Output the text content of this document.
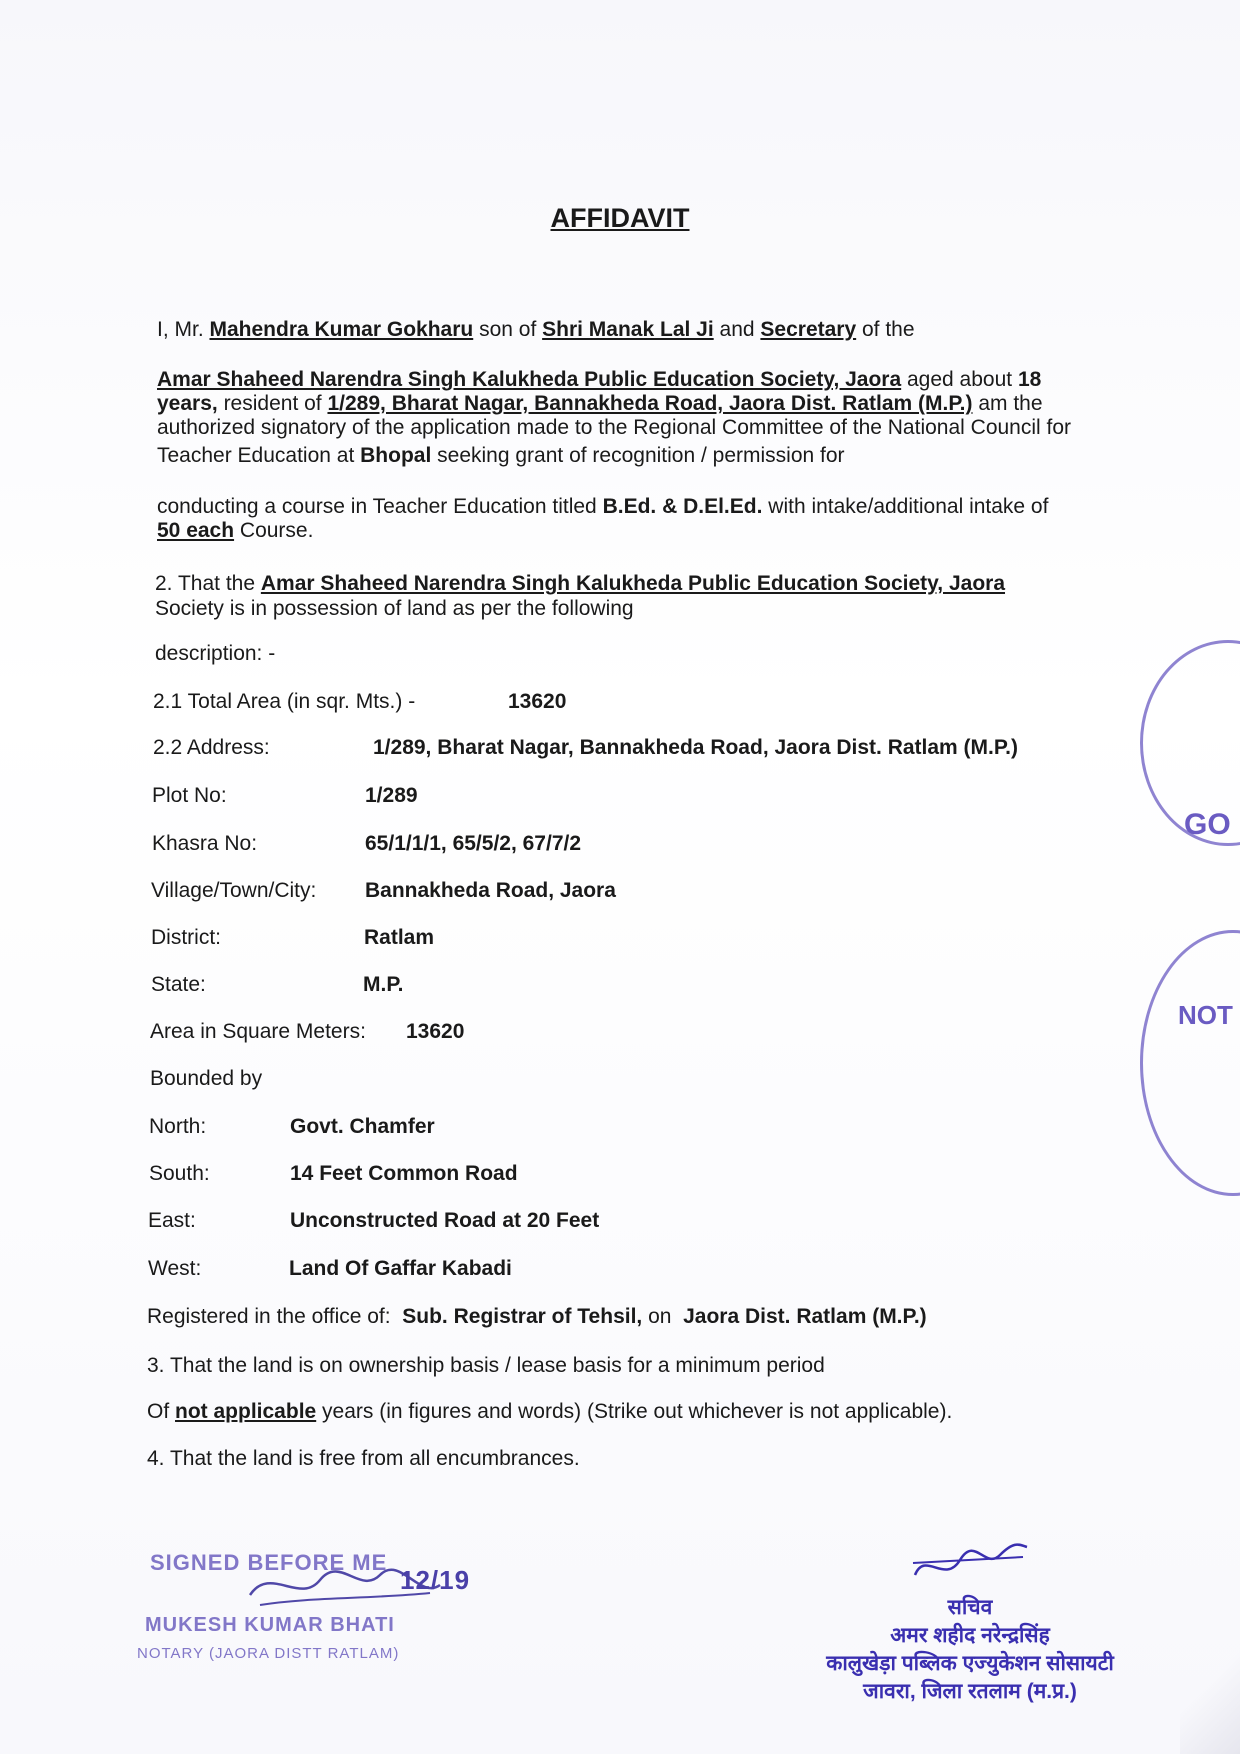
AFFIDAVIT
I, Mr. Mahendra Kumar Gokharu son of Shri Manak Lal Ji and Secretary of the
Amar Shaheed Narendra Singh Kalukheda Public Education Society, Jaora aged about 18
years, resident of 1/289, Bharat Nagar, Bannakheda Road, Jaora Dist. Ratlam (M.P.) am the
authorized signatory of the application made to the Regional Committee of the National Council for
Teacher Education at Bhopal seeking grant of recognition / permission for
conducting a course in Teacher Education titled B.Ed. & D.El.Ed. with intake/additional intake of
50 each Course.
2. That the Amar Shaheed Narendra Singh Kalukheda Public Education Society, Jaora
Society is in possession of land as per the following
description: -
2.1 Total Area (in sqr. Mts.) -	13620
2.2 Address:	1/289, Bharat Nagar, Bannakheda Road, Jaora Dist. Ratlam (M.P.)
Plot No:	1/289
Khasra No:	65/1/1/1, 65/5/2, 67/7/2
Village/Town/City: Bannakheda Road, Jaora
District:	Ratlam
State:	M.P.
Area in Square Meters: 13620
Bounded by
North:	Govt. Chamfer
South:	14 Feet Common Road
East:	Unconstructed Road at 20 Feet
West:	Land Of Gaffar Kabadi
Registered in the office of: Sub. Registrar of Tehsil, on  Jaora Dist. Ratlam (M.P.)
3. That the land is on ownership basis / lease basis for a minimum period
Of not applicable years (in figures and words) (Strike out whichever is not applicable).
4. That the land is free from all encumbrances.
GO
NOT
SIGNED BEFORE ME
12/19
MUKESH KUMAR BHATI
NOTARY (JAORA DISTT RATLAM)
सचिव
अमर शहीद नरेन्द्रसिंह
कालुखेड़ा पब्लिक एज्युकेशन सोसायटी
जावरा, जिला रतलाम (म.प्र.)
